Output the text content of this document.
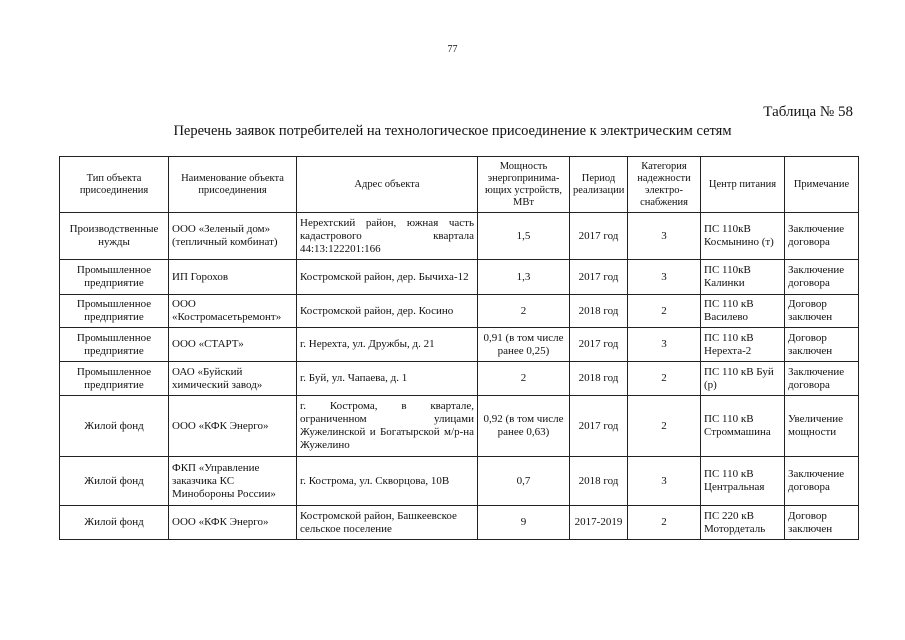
77
Таблица № 58
Перечень заявок потребителей на технологическое присоединение к электрическим сетям
Тип объекта присоединения	Наименование объекта присоединения	Адрес объекта	Мощность энергопринима-ющих устройств, МВт	Период реализации	Категория надежности электро-снабжения	Центр питания	Примечание
Производственные нужды	ООО «Зеленый дом» (тепличный комбинат)	Нерехтский район, южная часть кадастрового квартала 44:13:122201:166	1,5	2017 год	3	ПС 110кВ Космынино (т)	Заключение договора
Промышленное предприятие	ИП Горохов	Костромской район, дер. Бычиха-12	1,3	2017 год	3	ПС 110кВ Калинки	Заключение договора
Промышленное предприятие	ООО «Костромасетьремонт»	Костромской район, дер. Косино	2	2018 год	2	ПС 110 кВ Василево	Договор заключен
Промышленное предприятие	ООО «СТАРТ»	г. Нерехта, ул. Дружбы, д. 21	0,91 (в том числе ранее 0,25)	2017 год	3	ПС 110 кВ Нерехта-2	Договор заключен
Промышленное предприятие	ОАО «Буйский химический завод»	г. Буй, ул. Чапаева, д. 1	2	2018 год	2	ПС 110 кВ Буй (р)	Заключение договора
Жилой фонд	ООО «КФК Энерго»	г. Кострома, в квартале, ограниченном улицами Жужелинской и Богатырской м/р-на Жужелино	0,92 (в том числе ранее 0,63)	2017 год	2	ПС 110 кВ Строммашина	Увеличение мощности
Жилой фонд	ФКП «Управление заказчика КС Минобороны России»	г. Кострома, ул. Скворцова, 10В	0,7	2018 год	3	ПС 110 кВ Центральная	Заключение договора
Жилой фонд	ООО «КФК Энерго»	Костромской район, Башкеевское сельское поселение	9	2017-2019	2	ПС 220 кВ Мотордеталь	Договор заключен
